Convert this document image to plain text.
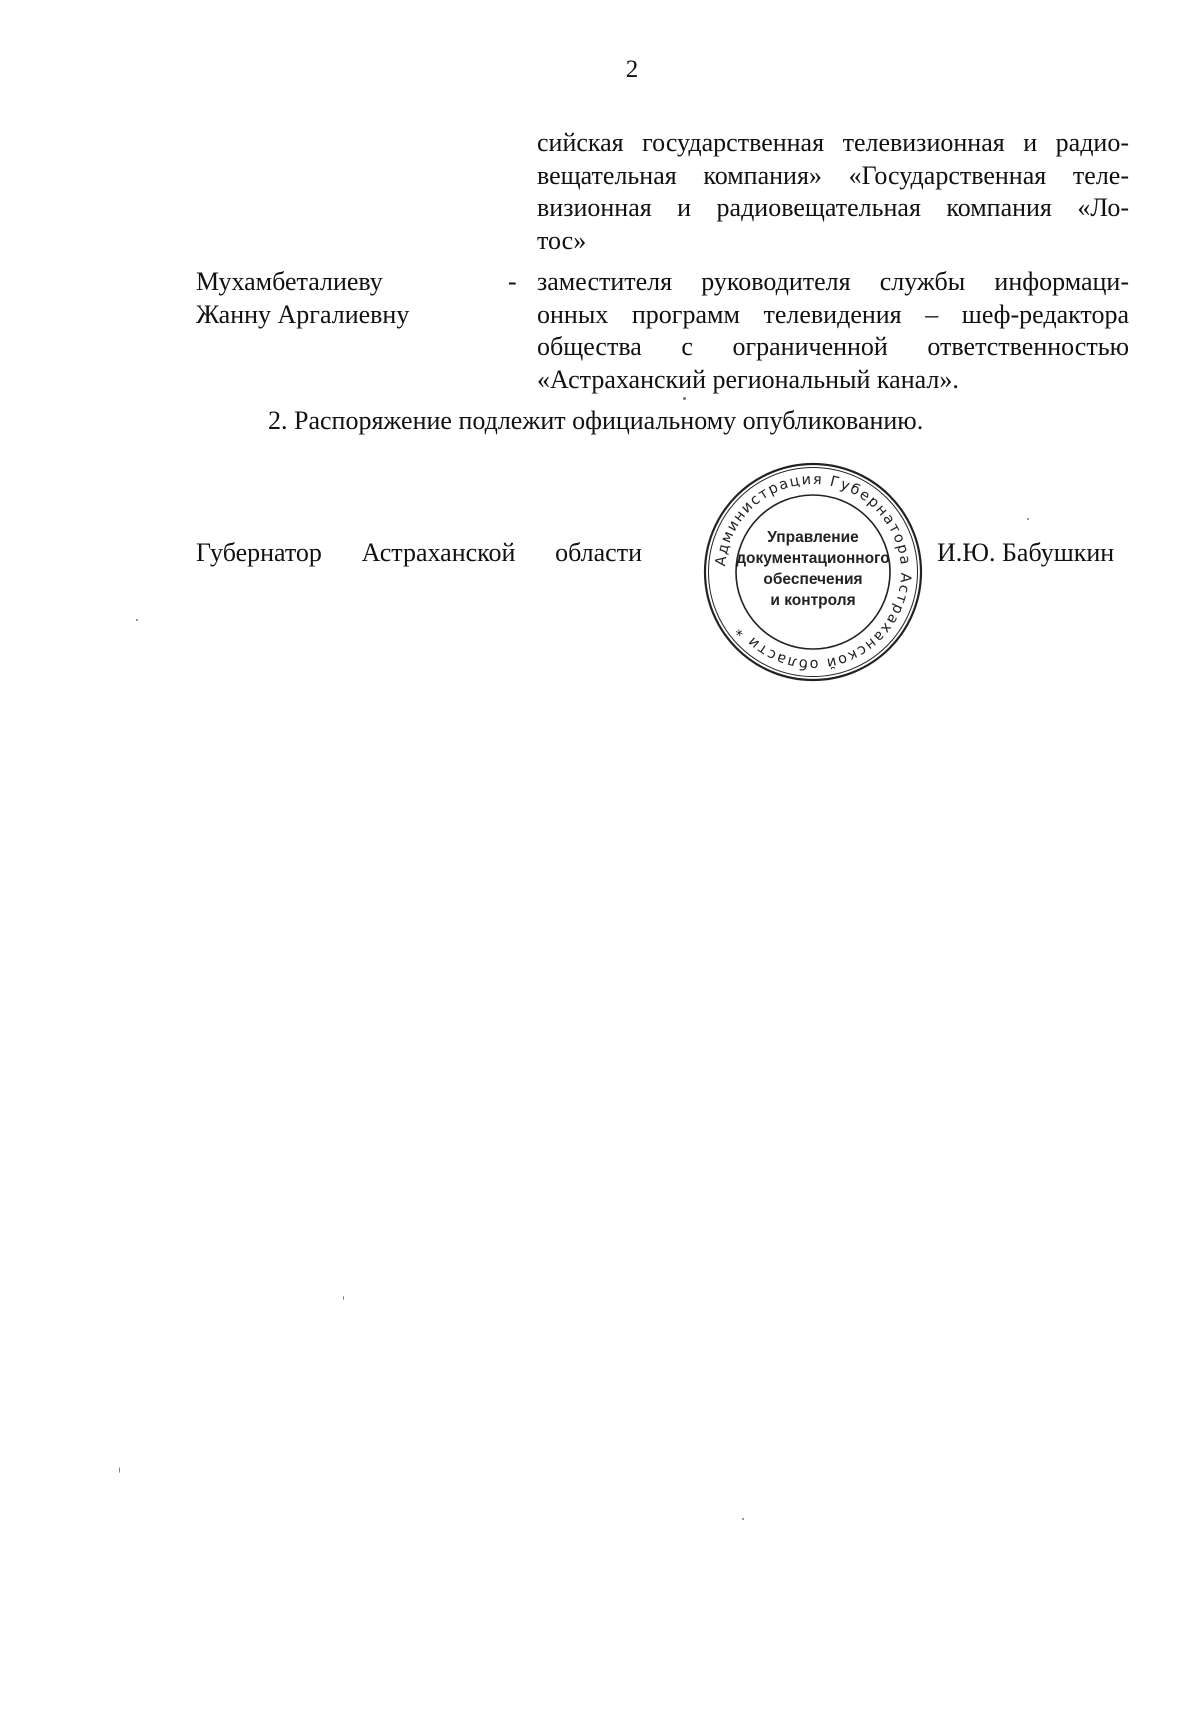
2
сийская государственная телевизионная и радио-
вещательная компания» «Государственная теле-
визионная и радиовещательная компания «Ло-
тос»
Мухамбеталиеву
Жанну Аргалиевну
- заместителя руководителя службы информаци-
онных программ телевидения – шеф-редактора
общества с ограниченной ответственностью
«Астраханский региональный канал».
2. Распоряжение подлежит официальному опубликованию.
Губернатор Астраханской области	Администрация Губернатора Астраханской области *
Управление
документационного
обеспечения
и контроля
И.Ю. Бабушкин
